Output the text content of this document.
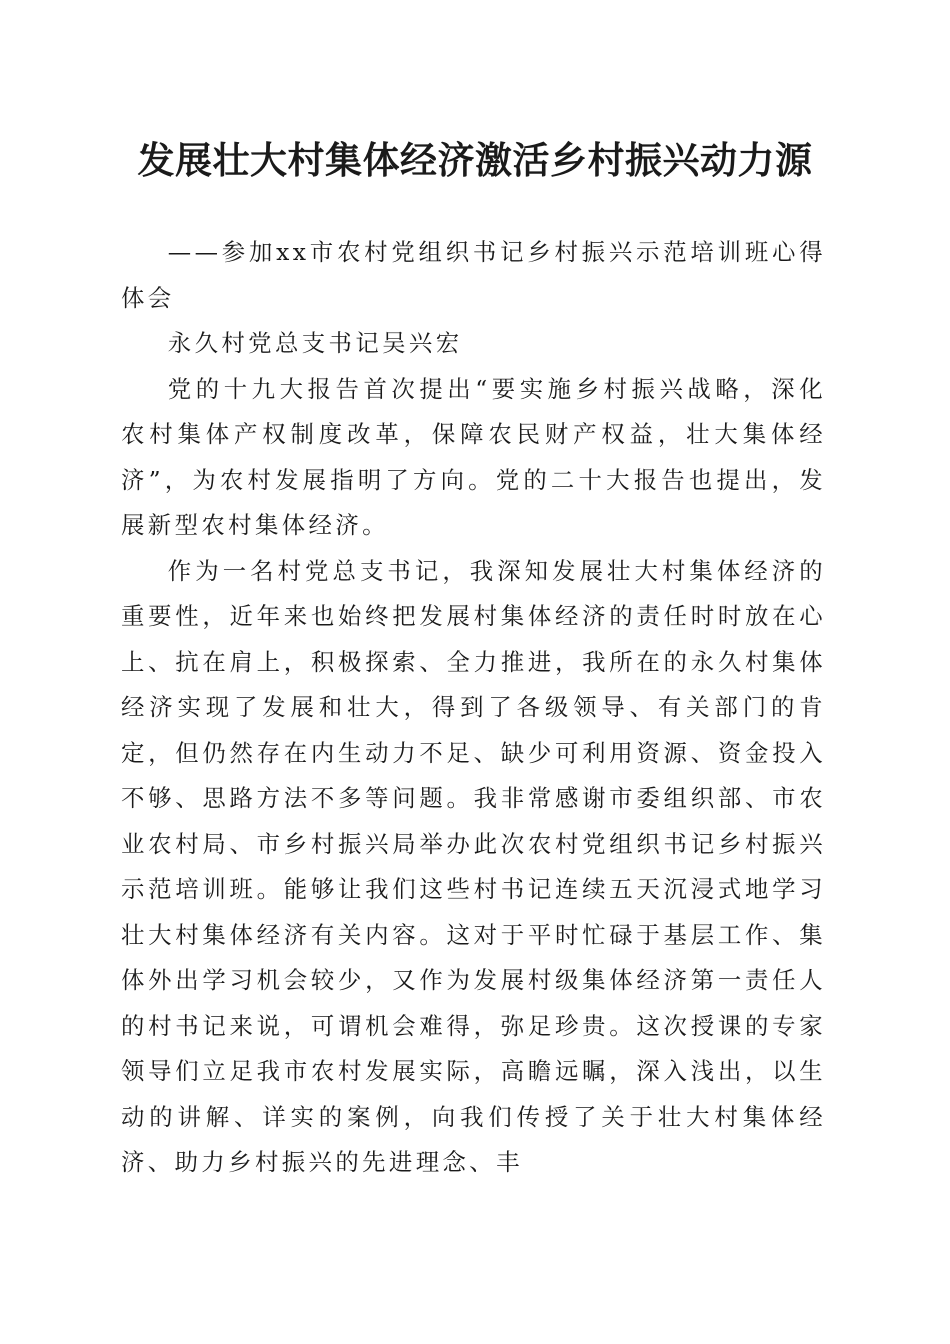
发展壮大村集体经济激活乡村振兴动力源

——参加xx市农村党组织书记乡村振兴示范培训班心得体会

永久村党总支书记吴兴宏

党的十九大报告首次提出“要实施乡村振兴战略，深化农村集体产权制度改革，保障农民财产权益，壮大集体经济”，为农村发展指明了方向。党的二十大报告也提出，发展新型农村集体经济。

作为一名村党总支书记，我深知发展壮大村集体经济的重要性，近年来也始终把发展村集体经济的责任时时放在心上、抗在肩上，积极探索、全力推进，我所在的永久村集体经济实现了发展和壮大，得到了各级领导、有关部门的肯定，但仍然存在内生动力不足、缺少可利用资源、资金投入不够、思路方法不多等问题。我非常感谢市委组织部、市农业农村局、市乡村振兴局举办此次农村党组织书记乡村振兴示范培训班。能够让我们这些村书记连续五天沉浸式地学习壮大村集体经济有关内容。这对于平时忙碌于基层工作、集体外出学习机会较少，又作为发展村级集体经济第一责任人的村书记来说，可谓机会难得，弥足珍贵。这次授课的专家领导们立足我市农村发展实际，高瞻远瞩，深入浅出，以生动的讲解、详实的案例，向我们传授了关于壮大村集体经济、助力乡村振兴的先进理念、丰
